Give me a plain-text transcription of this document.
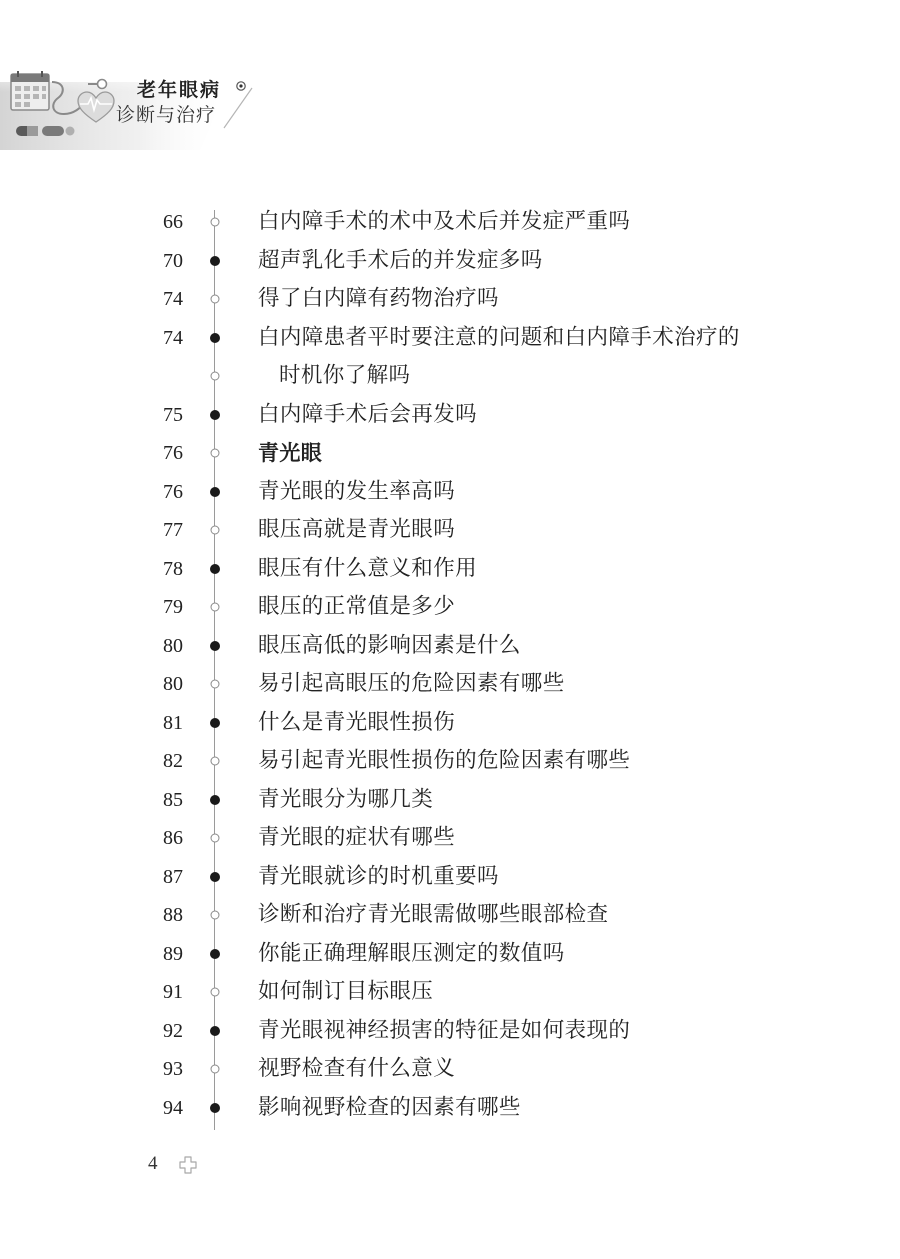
老年眼病
诊断与治疗
66	白内障手术的术中及术后并发症严重吗
70	超声乳化手术后的并发症多吗
74	得了白内障有药物治疗吗
74	白内障患者平时要注意的问题和白内障手术治疗的
时机你了解吗
75	白内障手术后会再发吗
76	青光眼
76	青光眼的发生率高吗
77	眼压高就是青光眼吗
78	眼压有什么意义和作用
79	眼压的正常值是多少
80	眼压高低的影响因素是什么
80	易引起高眼压的危险因素有哪些
81	什么是青光眼性损伤
82	易引起青光眼性损伤的危险因素有哪些
85	青光眼分为哪几类
86	青光眼的症状有哪些
87	青光眼就诊的时机重要吗
88	诊断和治疗青光眼需做哪些眼部检查
89	你能正确理解眼压测定的数值吗
91	如何制订目标眼压
92	青光眼视神经损害的特征是如何表现的
93	视野检查有什么意义
94	影响视野检查的因素有哪些
4
